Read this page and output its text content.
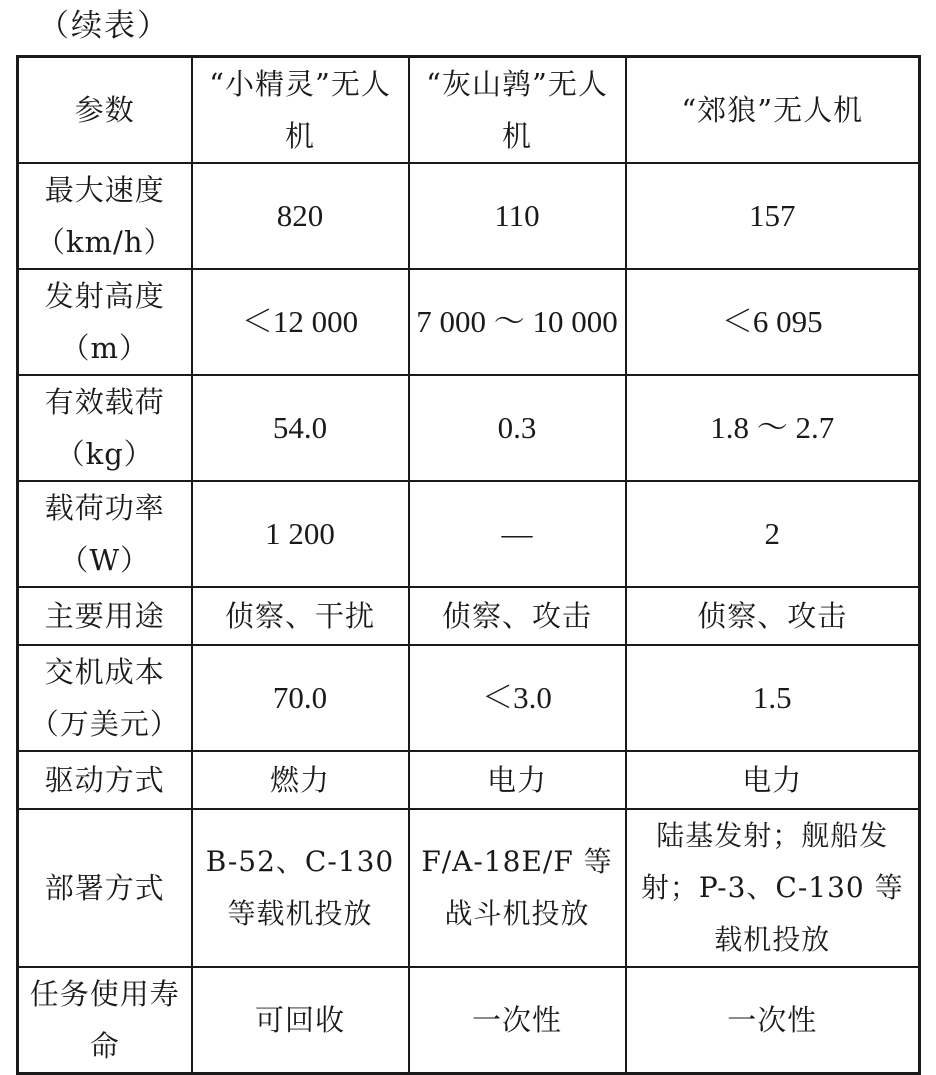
（续表）
参数	“小精灵”无人机	“灰山鹑”无人机	“郊狼”无人机
最大速度（km/h）	820	110	157
发射高度（m）	＜12 000	7 000 ～ 10 000	＜6 095
有效载荷（kg）	54.0	0.3	1.8 ～ 2.7
载荷功率（W）	1 200	—	2
主要用途	侦察、干扰	侦察、攻击	侦察、攻击
交机成本（万美元）	70.0	＜3.0	1.5
驱动方式	燃力	电力	电力
部署方式	B-52、C-130 等载机投放	F/A-18E/F 等战斗机投放	陆基发射；舰船发射；P-3、C-130 等载机投放
任务使用寿命	可回收	一次性	一次性
